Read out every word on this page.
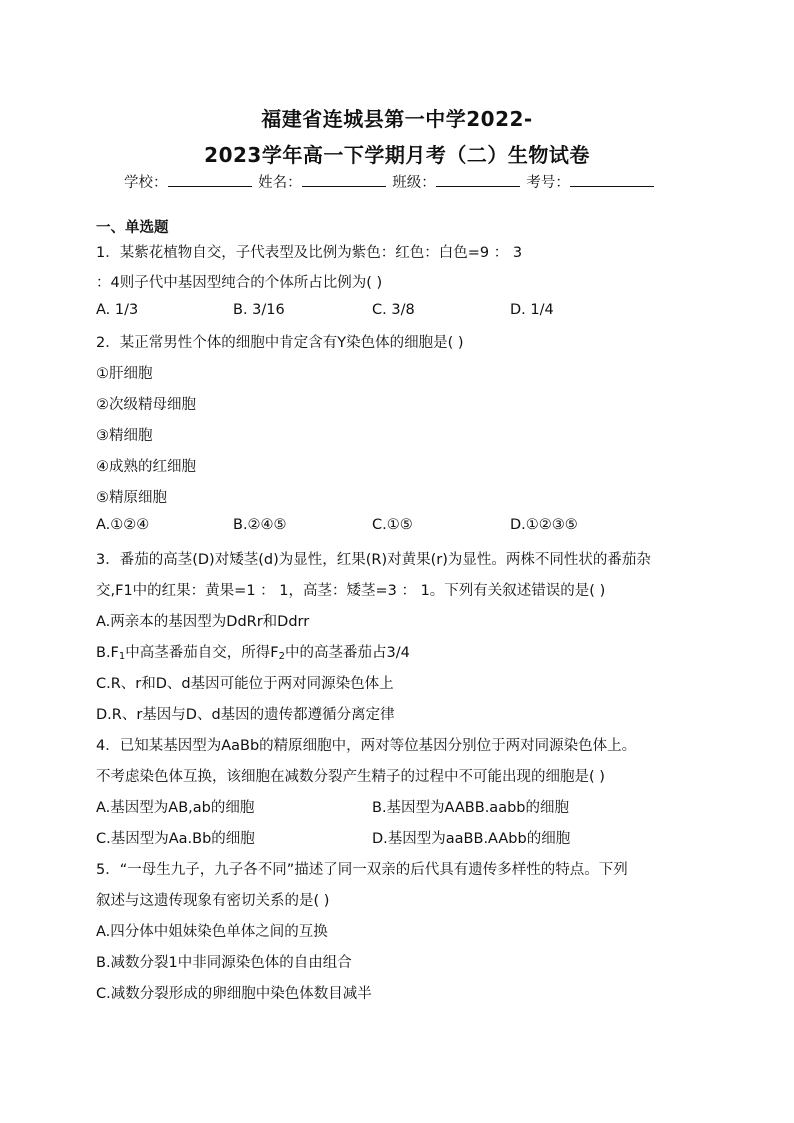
福建省连城县第一中学2022-
2023学年高一下学期月考（二）生物试卷
学校：	姓名：	班级：	考号：
一、单选题
1．某紫花植物自交，子代表型及比例为紫色：红色：白色=9 ： 3
：4则子代中基因型纯合的个体所占比例为( )
A. 1/3	B. 3/16	C. 3/8	D. 1/4
2．某正常男性个体的细胞中肯定含有Y染色体的细胞是( )
①肝细胞
②次级精母细胞
③精细胞
④成熟的红细胞
⑤精原细胞
A.①②④	B.②④⑤	C.①⑤	D.①②③⑤
3．番茄的高茎(D)对矮茎(d)为显性，红果(R)对黄果(r)为显性。两株不同性状的番茄杂
交,F1中的红果：黄果=1 ： 1，高茎：矮茎=3 ： 1。下列有关叙述错误的是( )
A.两亲本的基因型为DdRr和Ddrr
$B.F_1$中高茎番茄自交，所得$F_2$中的高茎番茄占3/4
C.R、r和D、d基因可能位于两对同源染色体上
D.R、r基因与D、d基因的遗传都遵循分离定律
4．已知某基因型为AaBb的精原细胞中，两对等位基因分别位于两对同源染色体上。
不考虑染色体互换，该细胞在减数分裂产生精子的过程中不可能出现的细胞是( )
A.基因型为AB,ab的细胞	B.基因型为AABB.aabb的细胞
C.基因型为Aa.Bb的细胞	D.基因型为aaBB.AAbb的细胞
5．“一母生九子，九子各不同”描述了同一双亲的后代具有遗传多样性的特点。下列
叙述与这遗传现象有密切关系的是( )
A.四分体中姐妹染色单体之间的互换
B.减数分裂1中非同源染色体的自由组合
C.减数分裂形成的卵细胞中染色体数目减半
